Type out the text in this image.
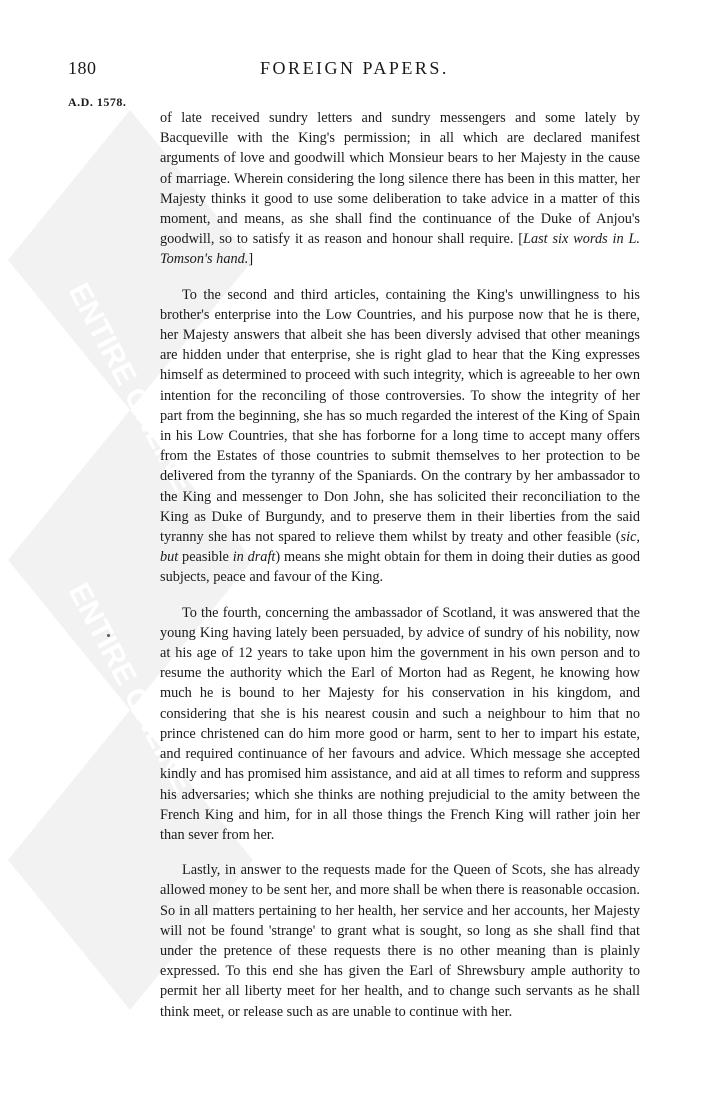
ENTIRE ONLINE
ENTIRE ONLINE
180	FOREIGN PAPERS.
A.D. 1578.

of late received sundry letters and sundry messengers and some lately by Bacqueville with the King's permission; in all which are declared manifest arguments of love and goodwill which Monsieur bears to her Majesty in the cause of marriage. Wherein considering the long silence there has been in this matter, her Majesty thinks it good to use some deliberation to take advice in a matter of this moment, and means, as she shall find the continuance of the Duke of Anjou's goodwill, so to satisfy it as reason and honour shall require. [Last six words in L. Tomson's hand.]

To the second and third articles, containing the King's unwillingness to his brother's enterprise into the Low Countries, and his purpose now that he is there, her Majesty answers that albeit she has been diversly advised that other meanings are hidden under that enterprise, she is right glad to hear that the King expresses himself as determined to proceed with such integrity, which is agreeable to her own intention for the reconciling of those controversies. To show the integrity of her part from the beginning, she has so much regarded the interest of the King of Spain in his Low Countries, that she has forborne for a long time to accept many offers from the Estates of those countries to submit themselves to her protection to be delivered from the tyranny of the Spaniards. On the contrary by her ambassador to the King and messenger to Don John, she has solicited their reconciliation to the King as Duke of Burgundy, and to preserve them in their liberties from the said tyranny she has not spared to relieve them whilst by treaty and other feasible (sic, but peasible in draft) means she might obtain for them in doing their duties as good subjects, peace and favour of the King.

To the fourth, concerning the ambassador of Scotland, it was answered that the young King having lately been persuaded, by advice of sundry of his nobility, now at his age of 12 years to take upon him the government in his own person and to resume the authority which the Earl of Morton had as Regent, he knowing how much he is bound to her Majesty for his conservation in his kingdom, and considering that she is his nearest cousin and such a neighbour to him that no prince christened can do him more good or harm, sent to her to impart his estate, and required continuance of her favours and advice. Which message she accepted kindly and has promised him assistance, and aid at all times to reform and suppress his adversaries; which she thinks are nothing prejudicial to the amity between the French King and him, for in all those things the French King will rather join her than sever from her.

Lastly, in answer to the requests made for the Queen of Scots, she has already allowed money to be sent her, and more shall be when there is reasonable occasion. So in all matters pertaining to her health, her service and her accounts, her Majesty will not be found 'strange' to grant what is sought, so long as she shall find that under the pretence of these requests there is no other meaning than is plainly expressed. To this end she has given the Earl of Shrewsbury ample authority to permit her all liberty meet for her health, and to change such servants as he shall think meet, or release such as are unable to continue with her.
